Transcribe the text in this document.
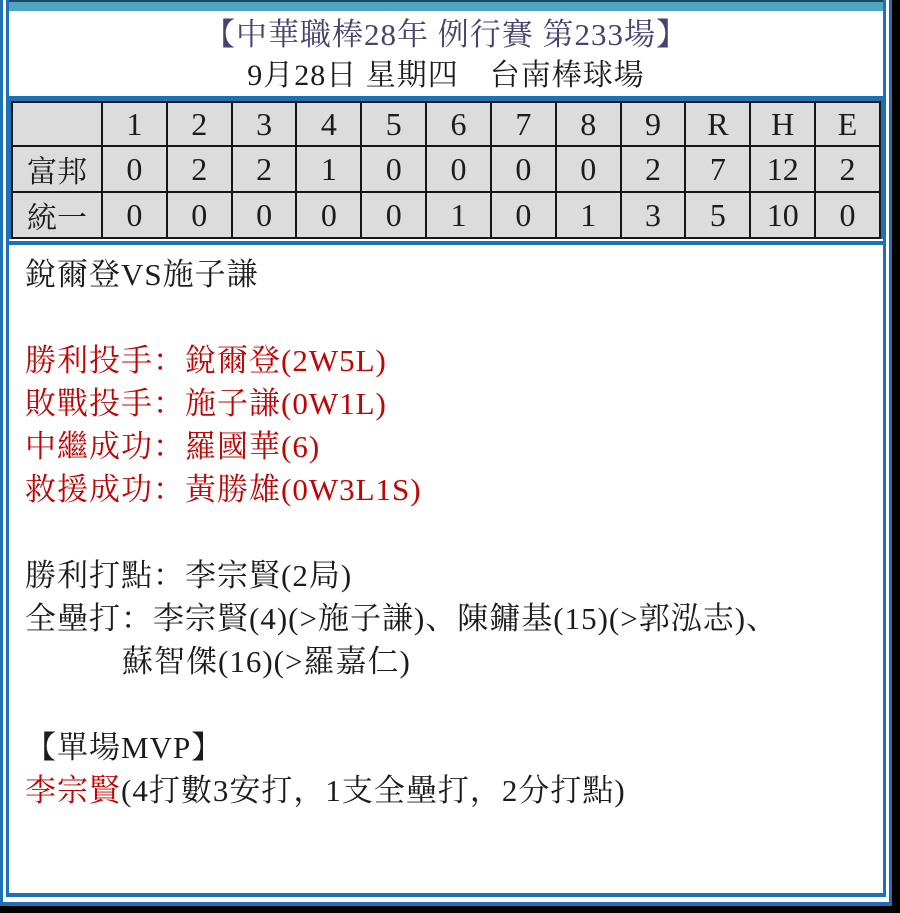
【中華職棒28年 例行賽 第233場】
9月28日 星期四　台南棒球場
	1	2	3	4	5	6	7	8	9	R	H	E
富邦	0	2	2	1	0	0	0	0	2	7	12	2
統一	0	0	0	0	0	1	0	1	3	5	10	0
銳爾登VS施子謙

勝利投手：銳爾登(2W5L)
敗戰投手：施子謙(0W1L)
中繼成功：羅國華(6)
救援成功：黃勝雄(0W3L1S)

勝利打點：李宗賢(2局)
全壘打：李宗賢(4)(>施子謙)、陳鏞基(15)(>郭泓志)、
蘇智傑(16)(>羅嘉仁)

【單場MVP】
李宗賢(4打數3安打，1支全壘打，2分打點)
